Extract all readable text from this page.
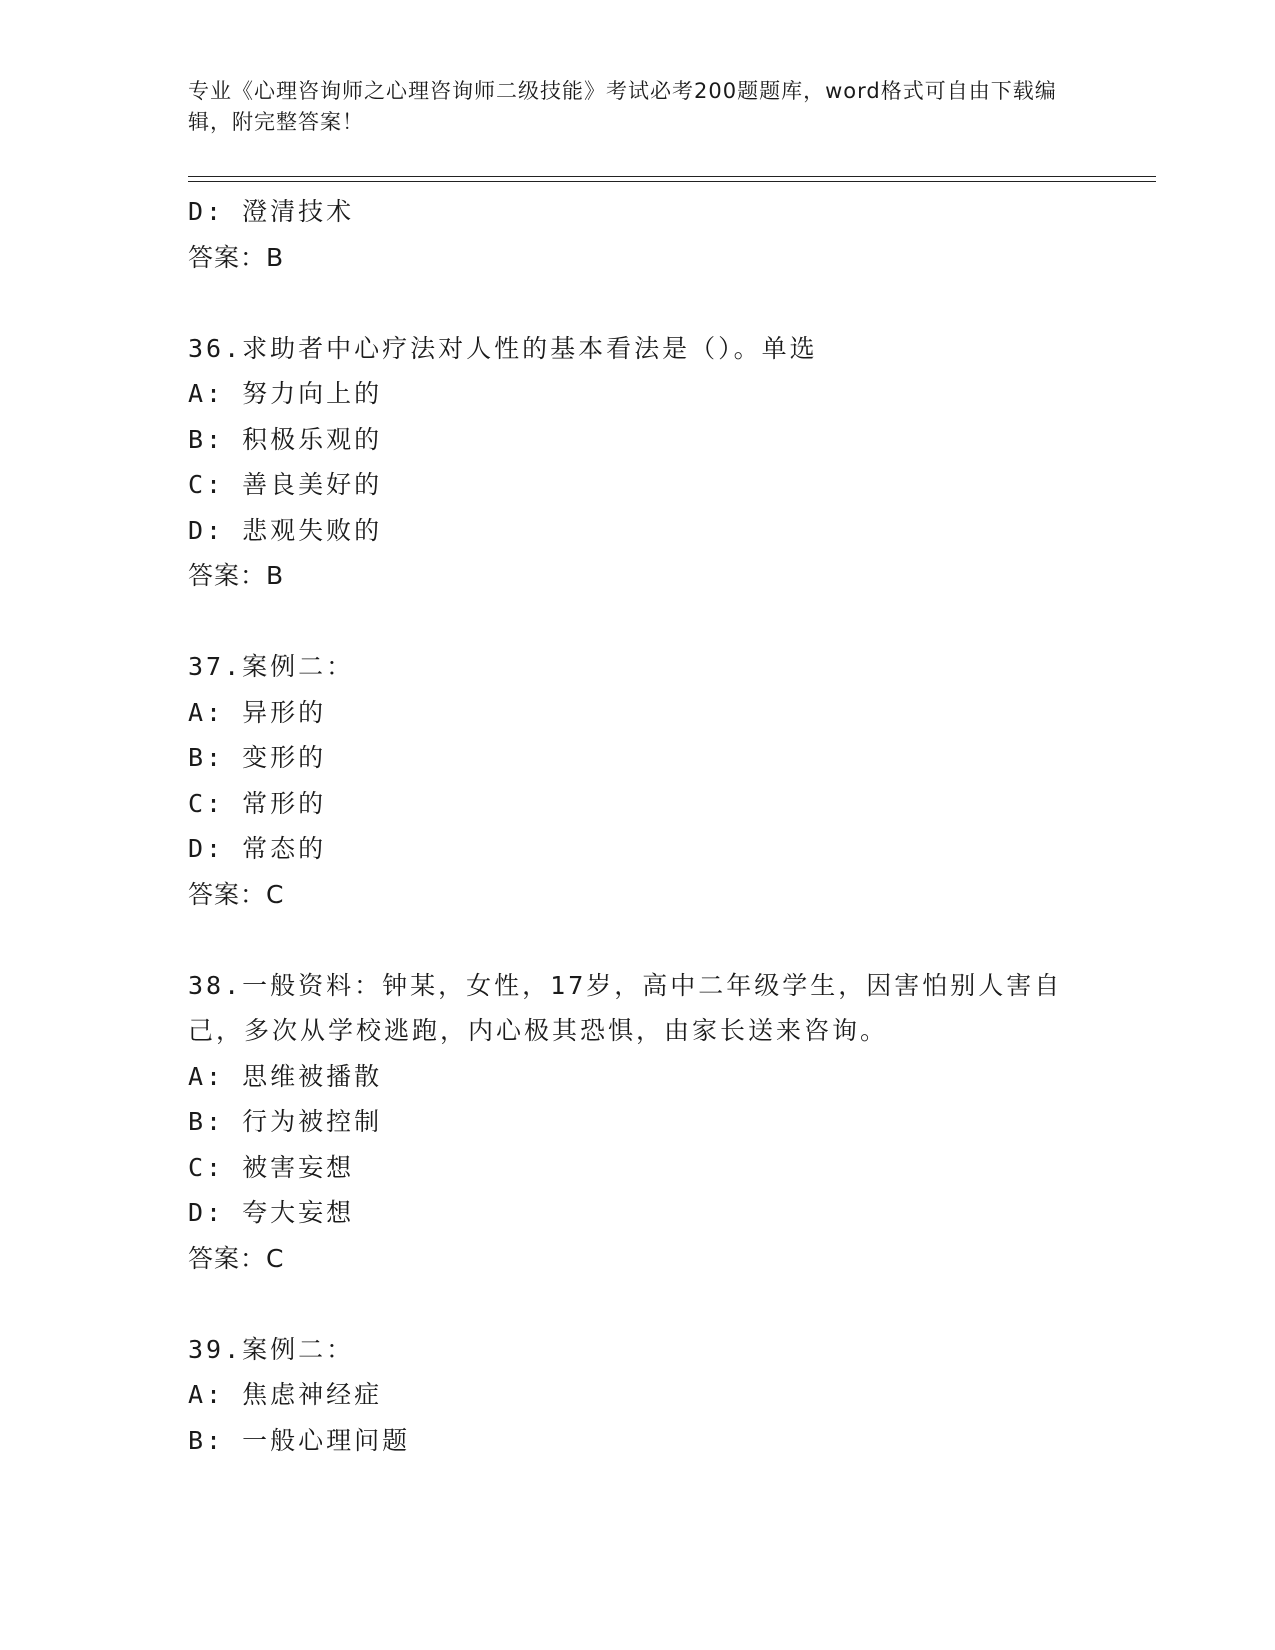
专业《心理咨询师之心理咨询师二级技能》考试必考200题题库，word格式可自由下载编辑，附完整答案！
D: 澄清技术
答案：B
36.求助者中心疗法对人性的基本看法是（）。单选
A: 努力向上的
B: 积极乐观的
C: 善良美好的
D: 悲观失败的
答案：B
37.案例二：
A: 异形的
B: 变形的
C: 常形的
D: 常态的
答案：C
38.一般资料：钟某，女性，17岁，高中二年级学生，因害怕别人害自己，多次从学校逃跑，内心极其恐惧，由家长送来咨询。
A: 思维被播散
B: 行为被控制
C: 被害妄想
D: 夸大妄想
答案：C
39.案例二：
A: 焦虑神经症
B: 一般心理问题
